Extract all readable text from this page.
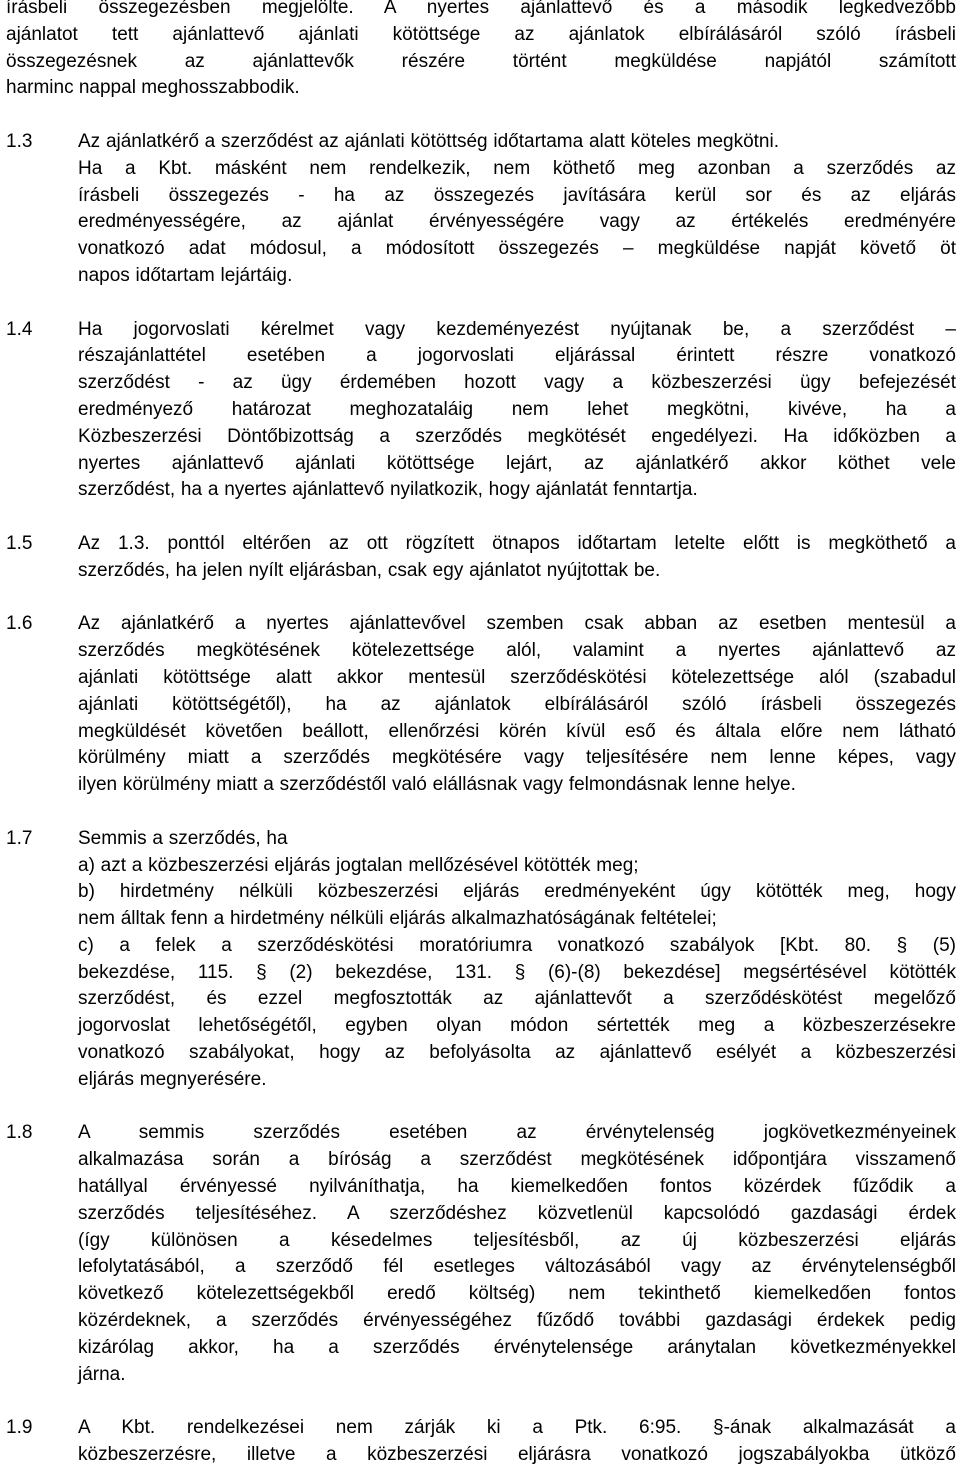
írásbeli összegezésben megjelölte. A nyertes ajánlattevő és a második legkedvezőbb
ajánlatot tett ajánlattevő ajánlati kötöttsége az ajánlatok elbírálásáról szóló írásbeli
összegezésnek az ajánlattevők részére történt megküldése napjától számított
harminc nappal meghosszabbodik.
1.3	Az ajánlatkérő a szerződést az ajánlati kötöttség időtartama alatt köteles megkötni.
Ha a Kbt. másként nem rendelkezik, nem köthető meg azonban a szerződés az
írásbeli összegezés - ha az összegezés javítására kerül sor és az eljárás
eredményességére, az ajánlat érvényességére vagy az értékelés eredményére
vonatkozó adat módosul, a módosított összegezés – megküldése napját követő öt
napos időtartam lejártáig.
1.4	Ha jogorvoslati kérelmet vagy kezdeményezést nyújtanak be, a szerződést –
részajánlattétel esetében a jogorvoslati eljárással érintett részre vonatkozó
szerződést - az ügy érdemében hozott vagy a közbeszerzési ügy befejezését
eredményező határozat meghozataláig nem lehet megkötni, kivéve, ha a
Közbeszerzési Döntőbizottság a szerződés megkötését engedélyezi. Ha időközben a
nyertes ajánlattevő ajánlati kötöttsége lejárt, az ajánlatkérő akkor köthet vele
szerződést, ha a nyertes ajánlattevő nyilatkozik, hogy ajánlatát fenntartja.
1.5	Az 1.3. ponttól eltérően az ott rögzített ötnapos időtartam letelte előtt is megköthető a
szerződés, ha jelen nyílt eljárásban, csak egy ajánlatot nyújtottak be.
1.6	Az ajánlatkérő a nyertes ajánlattevővel szemben csak abban az esetben mentesül a
szerződés megkötésének kötelezettsége alól, valamint a nyertes ajánlattevő az
ajánlati kötöttsége alatt akkor mentesül szerződéskötési kötelezettsége alól (szabadul
ajánlati kötöttségétől), ha az ajánlatok elbírálásáról szóló írásbeli összegezés
megküldését követően beállott, ellenőrzési körén kívül eső és általa előre nem látható
körülmény miatt a szerződés megkötésére vagy teljesítésére nem lenne képes, vagy
ilyen körülmény miatt a szerződéstől való elállásnak vagy felmondásnak lenne helye.
1.7	Semmis a szerződés, ha
a) azt a közbeszerzési eljárás jogtalan mellőzésével kötötték meg;
b) hirdetmény nélküli közbeszerzési eljárás eredményeként úgy kötötték meg, hogy
nem álltak fenn a hirdetmény nélküli eljárás alkalmazhatóságának feltételei;
c) a felek a szerződéskötési moratóriumra vonatkozó szabályok [Kbt. 80. § (5)
bekezdése, 115. § (2) bekezdése, 131. § (6)-(8) bekezdése] megsértésével kötötték
szerződést, és ezzel megfosztották az ajánlattevőt a szerződéskötést megelőző
jogorvoslat lehetőségétől, egyben olyan módon sértették meg a közbeszerzésekre
vonatkozó szabályokat, hogy az befolyásolta az ajánlattevő esélyét a közbeszerzési
eljárás megnyerésére.
1.8	A semmis szerződés esetében az érvénytelenség jogkövetkezményeinek
alkalmazása során a bíróság a szerződést megkötésének időpontjára visszamenő
hatállyal érvényessé nyilváníthatja, ha kiemelkedően fontos közérdek fűződik a
szerződés teljesítéséhez. A szerződéshez közvetlenül kapcsolódó gazdasági érdek
(így különösen a késedelmes teljesítésből, az új közbeszerzési eljárás
lefolytatásából, a szerződő fél esetleges változásából vagy az érvénytelenségből
következő kötelezettségekből eredő költség) nem tekinthető kiemelkedően fontos
közérdeknek, a szerződés érvényességéhez fűződő további gazdasági érdekek pedig
kizárólag akkor, ha a szerződés érvénytelensége aránytalan következményekkel
járna.
1.9	A Kbt. rendelkezései nem zárják ki a Ptk. 6:95. §-ának alkalmazását a
közbeszerzésre, illetve a közbeszerzési eljárásra vonatkozó jogszabályokba ütköző
